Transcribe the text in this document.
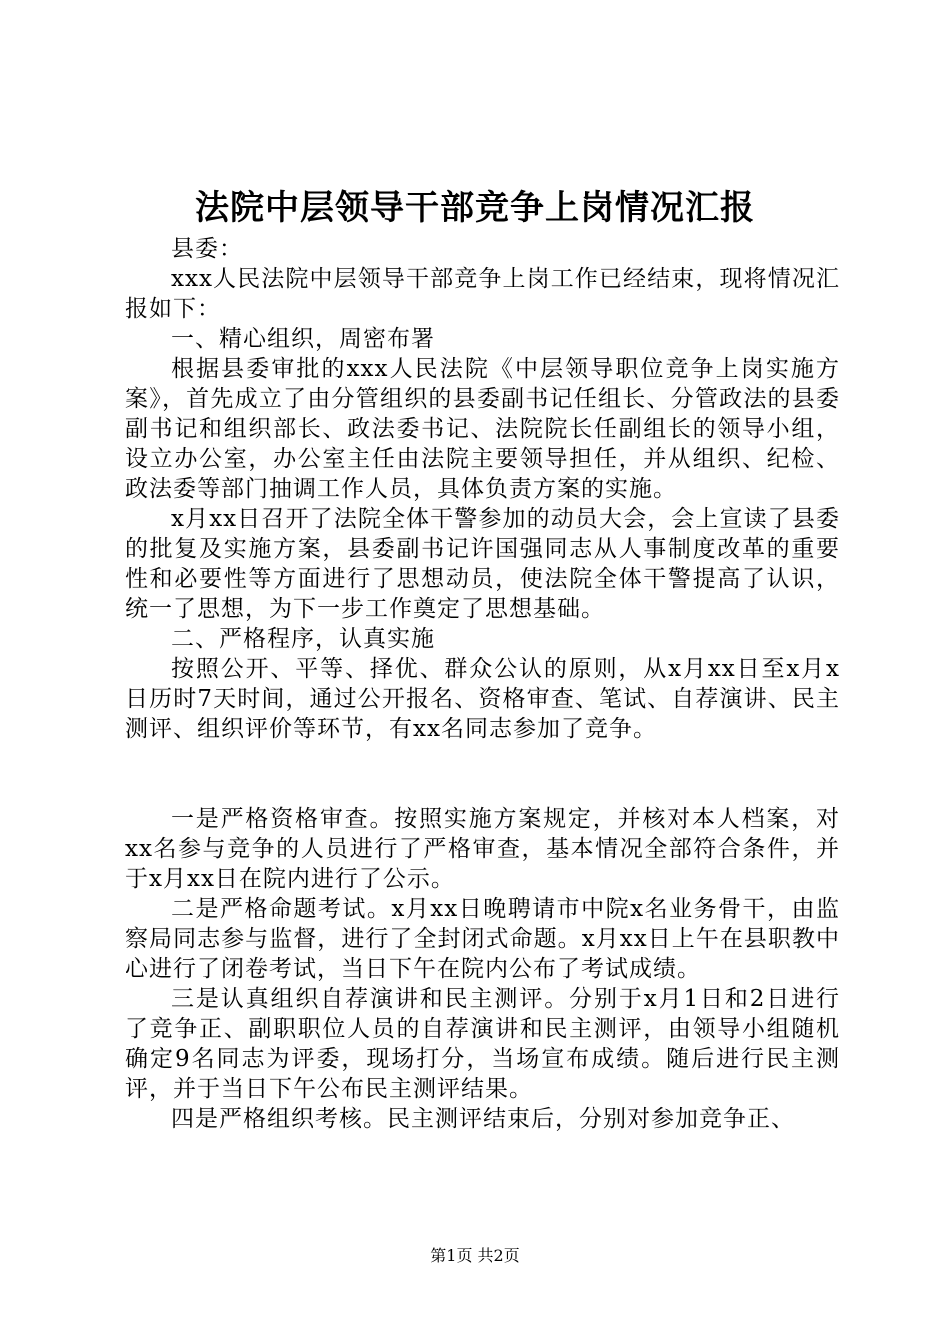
法院中层领导干部竞争上岗情况汇报

县委：

xxx人民法院中层领导干部竞争上岗工作已经结束，现将情况汇报如下：

一、精心组织，周密布署

根据县委审批的xxx人民法院《中层领导职位竞争上岗实施方案》，首先成立了由分管组织的县委副书记任组长、分管政法的县委副书记和组织部长、政法委书记、法院院长任副组长的领导小组，设立办公室，办公室主任由法院主要领导担任，并从组织、纪检、政法委等部门抽调工作人员，具体负责方案的实施。

x月xx日召开了法院全体干警参加的动员大会，会上宣读了县委的批复及实施方案，县委副书记许国强同志从人事制度改革的重要性和必要性等方面进行了思想动员，使法院全体干警提高了认识，统一了思想，为下一步工作奠定了思想基础。

二、严格程序，认真实施

按照公开、平等、择优、群众公认的原则，从x月xx日至x月x日历时7天时间，通过公开报名、资格审查、笔试、自荐演讲、民主测评、组织评价等环节，有xx名同志参加了竞争。

一是严格资格审查。按照实施方案规定，并核对本人档案，对xx名参与竞争的人员进行了严格审查，基本情况全部符合条件，并于x月xx日在院内进行了公示。

二是严格命题考试。x月xx日晚聘请市中院x名业务骨干，由监察局同志参与监督，进行了全封闭式命题。x月xx日上午在县职教中心进行了闭卷考试，当日下午在院内公布了考试成绩。

三是认真组织自荐演讲和民主测评。分别于x月1日和2日进行了竞争正、副职职位人员的自荐演讲和民主测评，由领导小组随机确定9名同志为评委，现场打分，当场宣布成绩。随后进行民主测评，并于当日下午公布民主测评结果。

四是严格组织考核。民主测评结束后，分别对参加竞争正、

第1页 共2页
